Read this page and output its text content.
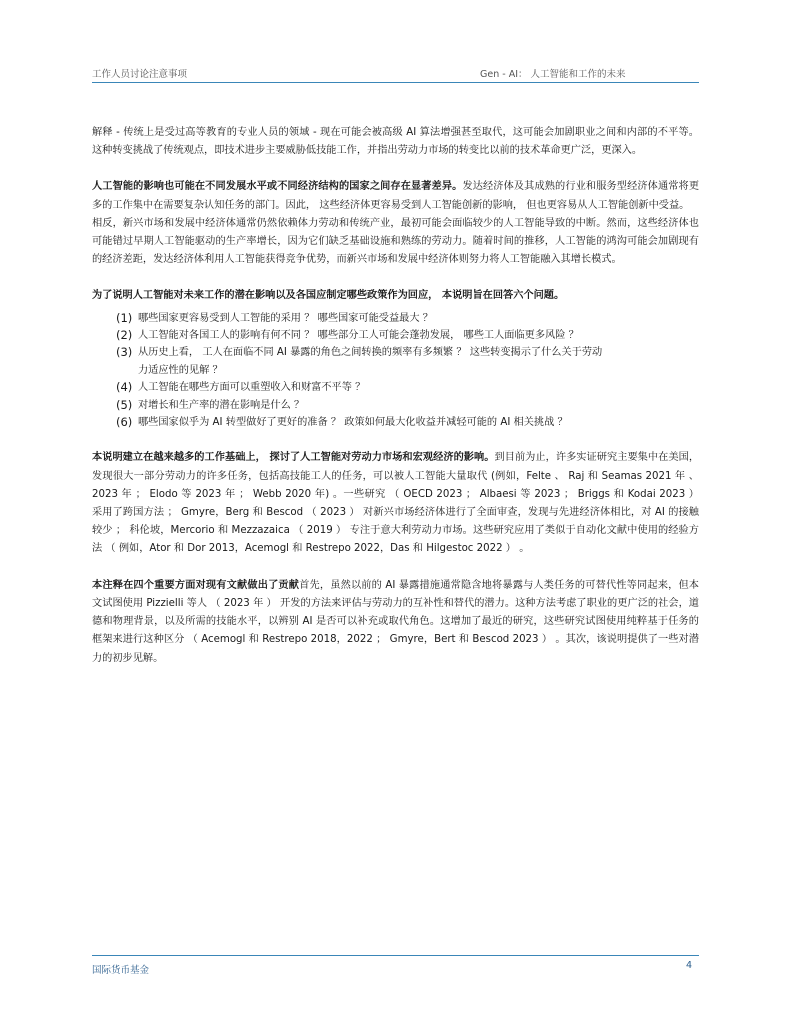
工作人员讨论注意事项	Gen - AI： 人工智能和工作的未来

解释 - 传统上是受过高等教育的专业人员的领域 - 现在可能会被高级 AI 算法增强甚至取代，这可能会加剧职业之间和内部的不平等。这种转变挑战了传统观点，即技术进步主要威胁低技能工作，并指出劳动力市场的转变比以前的技术革命更广泛，更深入。

人工智能的影响也可能在不同发展水平或不同经济结构的国家之间存在显著差异。发达经济体及其成熟的行业和服务型经济体通常将更多的工作集中在需要复杂认知任务的部门。因此， 这些经济体更容易受到人工智能创新的影响， 但也更容易从人工智能创新中受益。

相反，新兴市场和发展中经济体通常仍然依赖体力劳动和传统产业，最初可能会面临较少的人工智能导致的中断。然而，这些经济体也可能错过早期人工智能驱动的生产率增长，因为它们缺乏基础设施和熟练的劳动力。随着时间的推移，人工智能的鸿沟可能会加剧现有的经济差距，发达经济体利用人工智能获得竞争优势，而新兴市场和发展中经济体则努力将人工智能融入其增长模式。

为了说明人工智能对未来工作的潜在影响以及各国应制定哪些政策作为回应， 本说明旨在回答六个问题。

(1) 哪些国家更容易受到人工智能的采用 ？ 哪些国家可能受益最大 ？
(2) 人工智能对各国工人的影响有何不同 ？ 哪些部分工人可能会蓬勃发展， 哪些工人面临更多风险 ？
(3) 从历史上看， 工人在面临不同 AI 暴露的角色之间转换的频率有多频繁 ？ 这些转变揭示了什么关于劳动力适应性的见解 ？
(4) 人工智能在哪些方面可以重塑收入和财富不平等 ？
(5) 对增长和生产率的潜在影响是什么 ？
(6) 哪些国家似乎为 AI 转型做好了更好的准备 ？ 政策如何最大化收益并减轻可能的 AI 相关挑战 ？

本说明建立在越来越多的工作基础上， 探讨了人工智能对劳动力市场和宏观经济的影响。到目前为止，许多实证研究主要集中在美国，发现很大一部分劳动力的许多任务，包括高技能工人的任务，可以被人工智能大量取代 (例如，Felte 、 Raj 和 Seamas 2021 年 、2023 年 ； Elodo 等 2023 年 ； Webb 2020 年) 。一些研究 （ OECD 2023 ； Albaesi 等 2023 ； Briggs 和 Kodai 2023 ） 采用了跨国方法 ； Gmyre，Berg 和 Bescod （ 2023 ） 对新兴市场经济体进行了全面审查，发现与先进经济体相比，对 AI 的接触较少 ； 科伦坡，Mercorio 和 Mezzazaica （ 2019 ） 专注于意大利劳动力市场。这些研究应用了类似于自动化文献中使用的经验方法 （ 例如，Ator 和 Dor 2013，Acemogl 和 Restrepo 2022，Das 和 Hilgestoc 2022 ） 。

本注释在四个重要方面对现有文献做出了贡献首先，虽然以前的 AI 暴露措施通常隐含地将暴露与人类任务的可替代性等同起来，但本文试图使用 Pizzielli 等人 （ 2023 年 ） 开发的方法来评估与劳动力的互补性和替代的潜力。这种方法考虑了职业的更广泛的社会，道德和物理背景，以及所需的技能水平，以辨别 AI 是否可以补充或取代角色。这增加了最近的研究，这些研究试图使用纯粹基于任务的框架来进行这种区分 （ Acemogl 和 Restrepo 2018，2022 ； Gmyre，Bert 和 Bescod 2023 ） 。其次，该说明提供了一些对潜力的初步见解。

国际货币基金	4
